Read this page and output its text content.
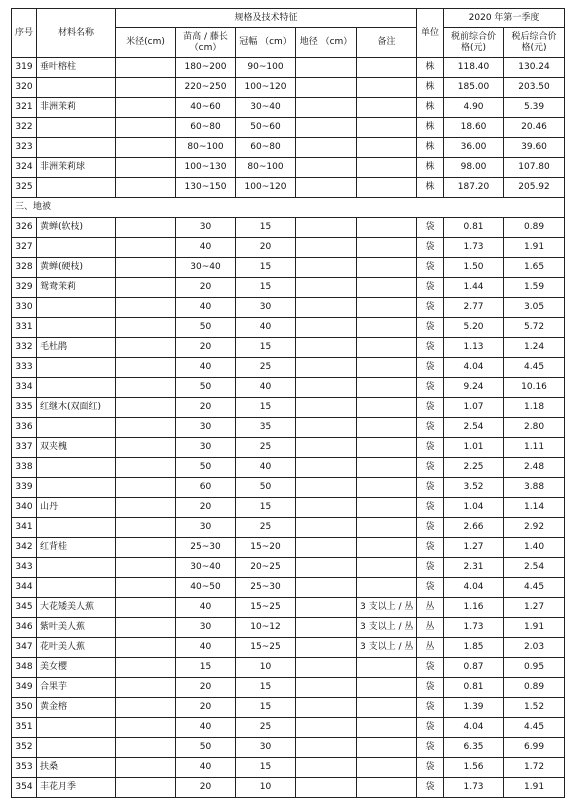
序号	材料名称	规格及技术特征					单位	2020 年第一季度	
		米径(cm)	苗高 / 藤长 （cm）	冠幅 （cm）	地径 （cm）	备注		税前综合价 格(元)	税后综合价 格(元)
319	垂叶榕柱		180~200	90~100			株	118.40	130.24
320			220~250	100~120			株	185.00	203.50
321	非洲茉莉		40~60	30~40			株	4.90	5.39
322			60~80	50~60			株	18.60	20.46
323			80~100	60~80			株	36.00	39.60
324	非洲茉莉球		100~130	80~100			株	98.00	107.80
325			130~150	100~120			株	187.20	205.92
三、地被									
326	黄蝉(软枝)		30	15			袋	0.81	0.89
327			40	20			袋	1.73	1.91
328	黄蝉(硬枝)		30~40	15			袋	1.50	1.65
329	鸳鸯茉莉		20	15			袋	1.44	1.59
330			40	30			袋	2.77	3.05
331			50	40			袋	5.20	5.72
332	毛杜鹃		20	15			袋	1.13	1.24
333			40	25			袋	4.04	4.45
334			50	40			袋	9.24	10.16
335	红继木(双面红)		20	15			袋	1.07	1.18
336			30	35			袋	2.54	2.80
337	双夹槐		30	25			袋	1.01	1.11
338			50	40			袋	2.25	2.48
339			60	50			袋	3.52	3.88
340	山丹		20	15			袋	1.04	1.14
341			30	25			袋	2.66	2.92
342	红背桂		25~30	15~20			袋	1.27	1.40
343			30~40	20~25			袋	2.31	2.54
344			40~50	25~30			袋	4.04	4.45
345	大花矮美人蕉		40	15~25		3 支以上 / 丛	丛	1.16	1.27
346	紫叶美人蕉		30	10~12		3 支以上 / 丛	丛	1.73	1.91
347	花叶美人蕉		40	15~25		3 支以上 / 丛	丛	1.85	2.03
348	美女樱		15	10			袋	0.87	0.95
349	合果芋		20	15			袋	0.81	0.89
350	黄金榕		20	15			袋	1.39	1.52
351			40	25			袋	4.04	4.45
352			50	30			袋	6.35	6.99
353	扶桑		40	15			袋	1.56	1.72
354	丰花月季		20	10			袋	1.73	1.91
